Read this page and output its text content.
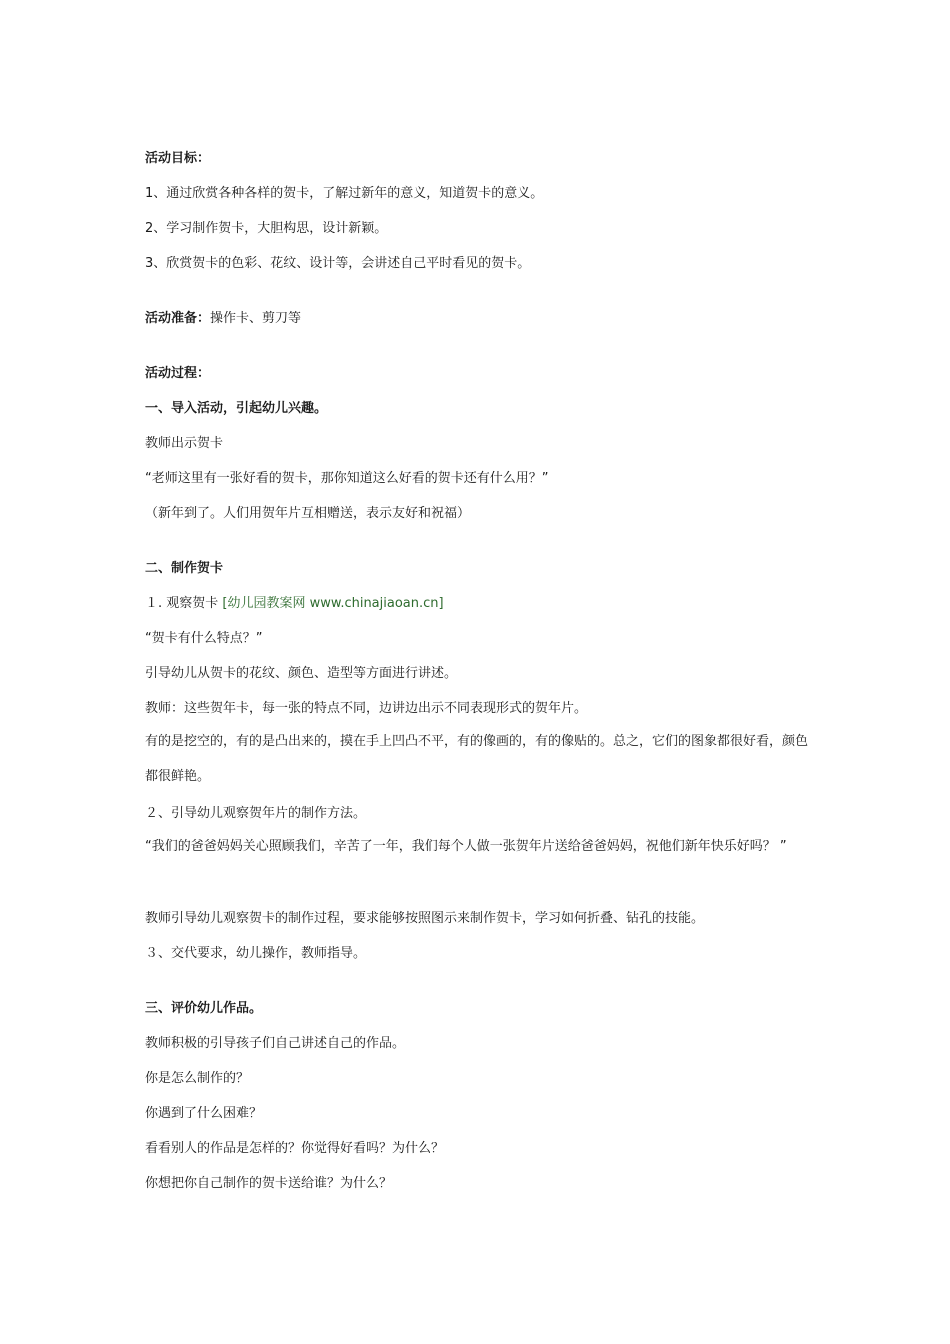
活动目标：
1、通过欣赏各种各样的贺卡，了解过新年的意义，知道贺卡的意义。
2、学习制作贺卡，大胆构思，设计新颖。
3、欣赏贺卡的色彩、花纹、设计等，会讲述自己平时看见的贺卡。
活动准备：操作卡、剪刀等
活动过程：
一、导入活动，引起幼儿兴趣。
教师出示贺卡
“老师这里有一张好看的贺卡，那你知道这么好看的贺卡还有什么用？”
（新年到了。人们用贺年片互相赠送，表示友好和祝福）
二、制作贺卡
１. 观察贺卡 [幼儿园教案网 www.chinajiaoan.cn]
“贺卡有什么特点？”
引导幼儿从贺卡的花纹、颜色、造型等方面进行讲述。
教师：这些贺年卡，每一张的特点不同，边讲边出示不同表现形式的贺年片。
有的是挖空的，有的是凸出来的，摸在手上凹凸不平，有的像画的，有的像贴的。总之，它们的图象都很好看，颜色都很鲜艳。
２、引导幼儿观察贺年片的制作方法。
“我们的爸爸妈妈关心照顾我们，辛苦了一年，我们每个人做一张贺年片送给爸爸妈妈，祝他们新年快乐好吗？ ”
教师引导幼儿观察贺卡的制作过程，要求能够按照图示来制作贺卡，学习如何折叠、钻孔的技能。
３、交代要求，幼儿操作，教师指导。
三、评价幼儿作品。
教师积极的引导孩子们自己讲述自己的作品。
你是怎么制作的？
你遇到了什么困难？
看看别人的作品是怎样的？你觉得好看吗？为什么？
你想把你自己制作的贺卡送给谁？为什么？
